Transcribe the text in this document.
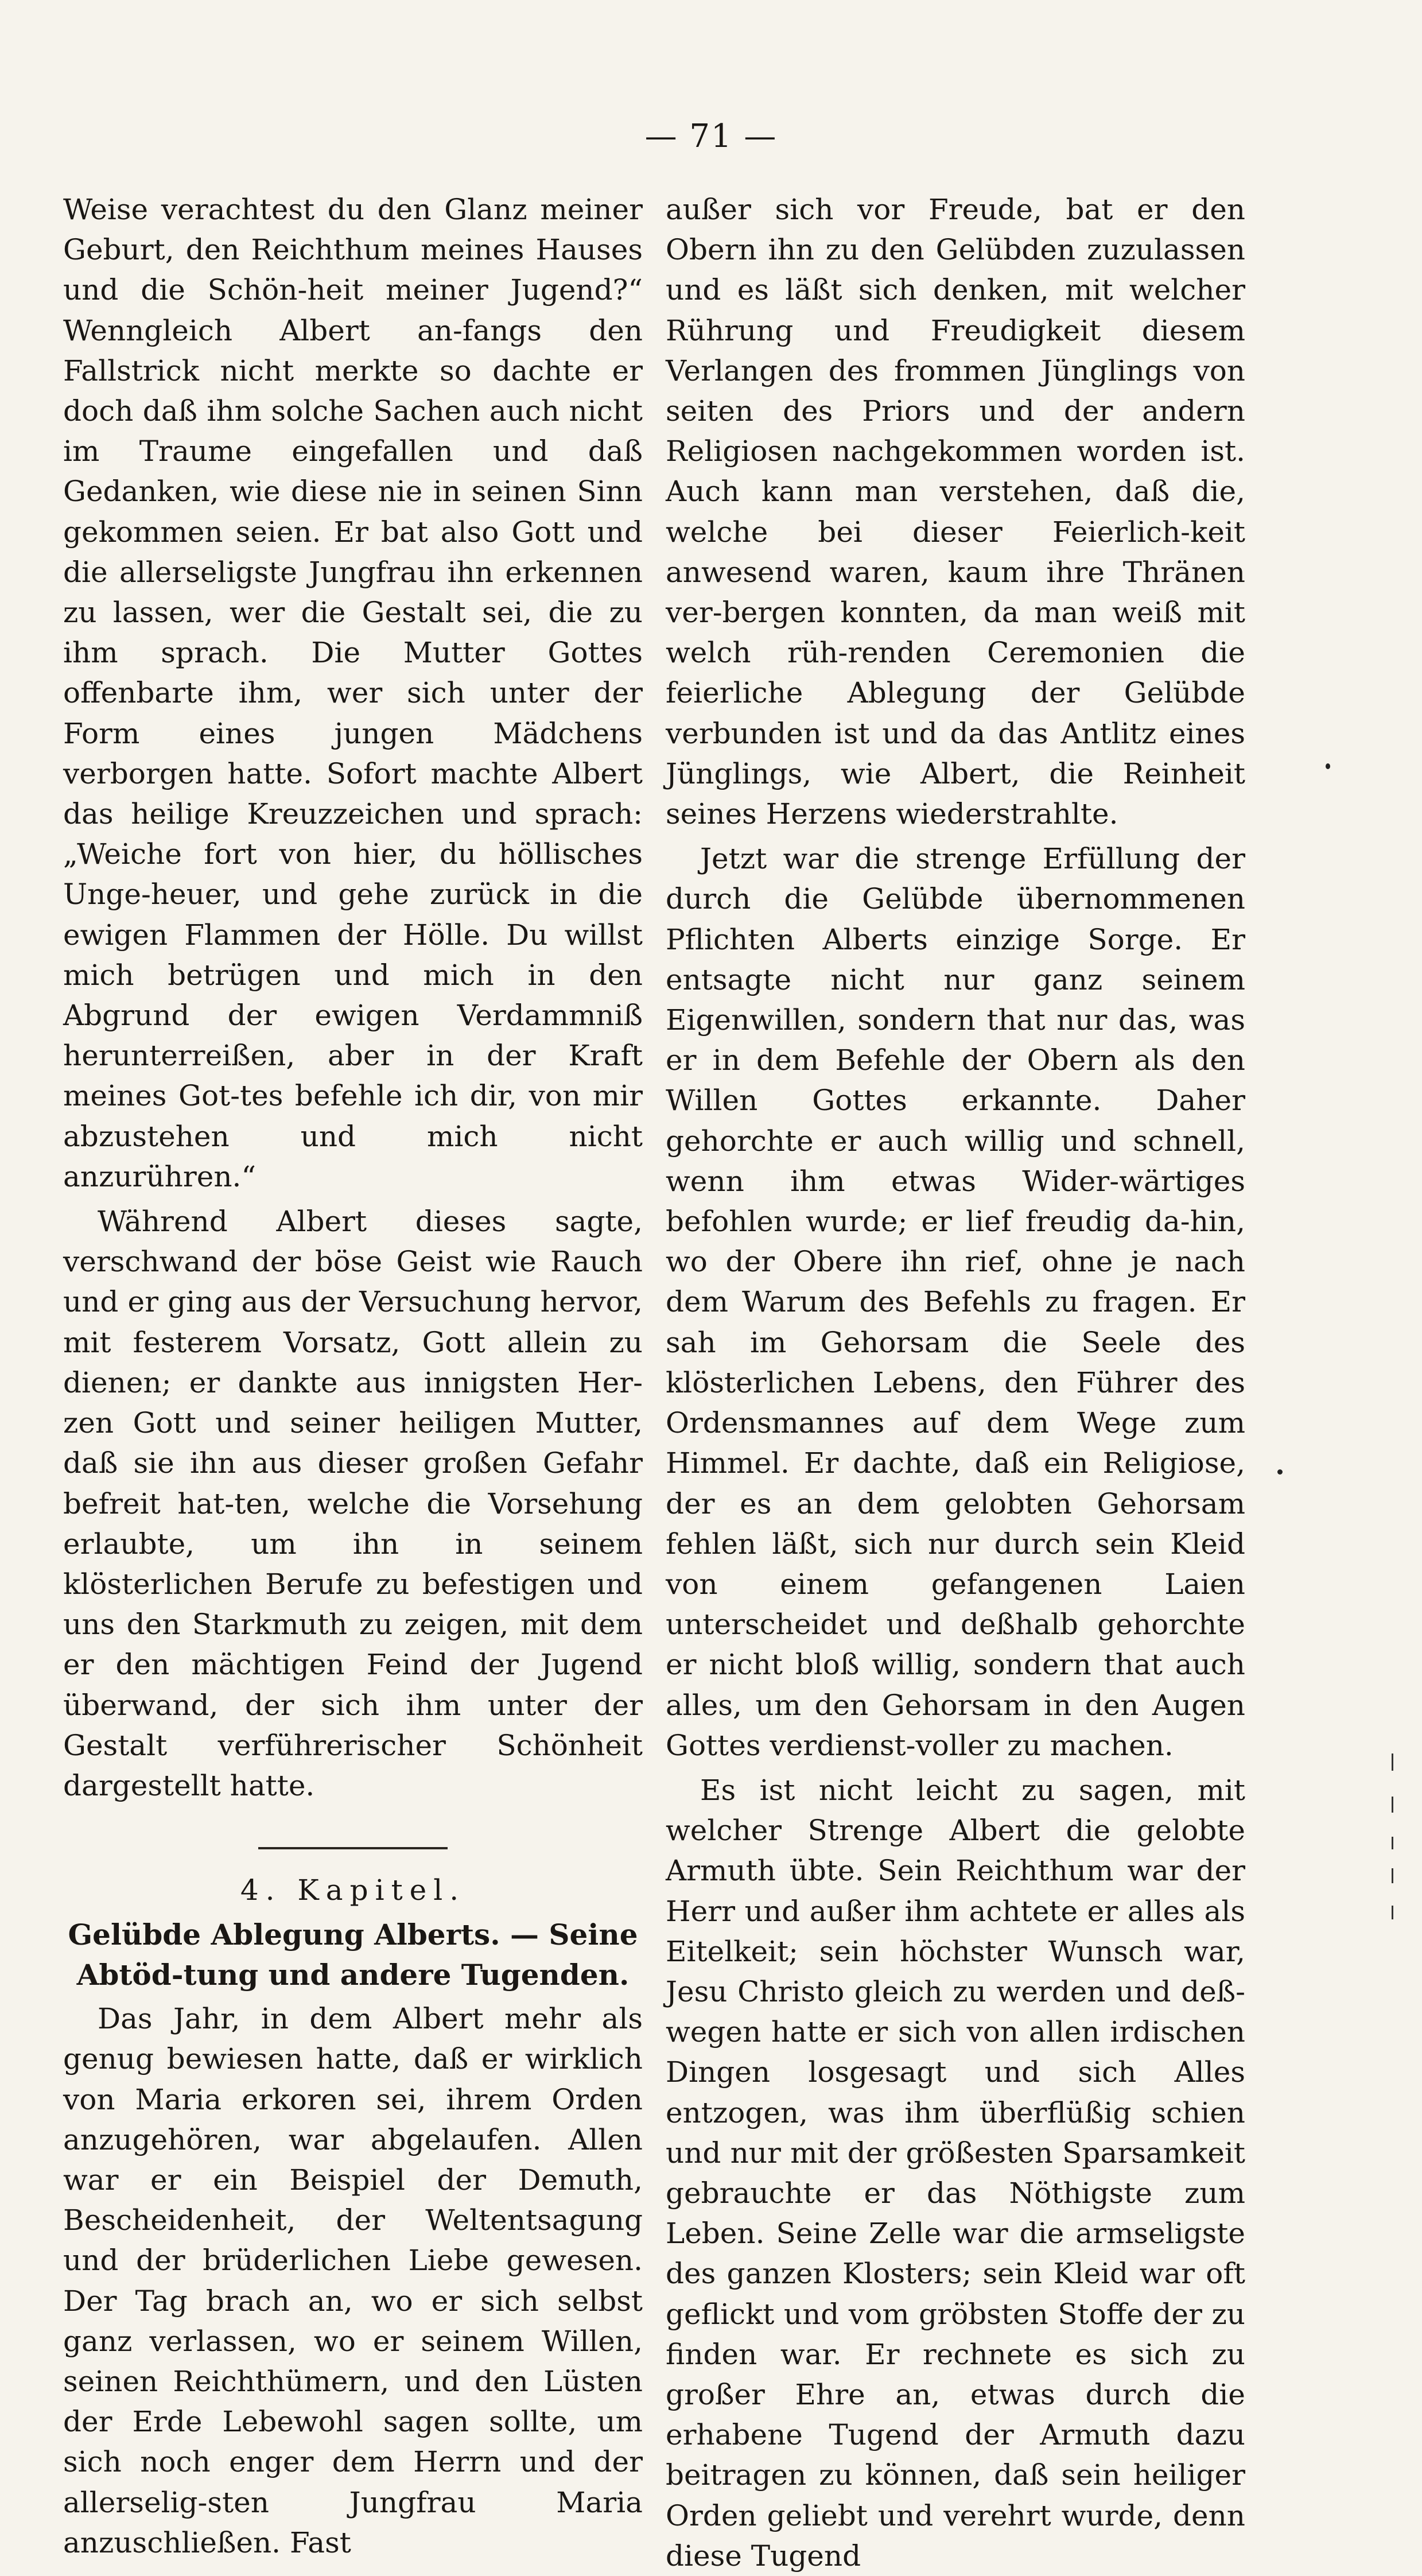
— 71 —

Weise verachtest du den Glanz meiner Geburt, den Reichthum meines Hauses und die Schön-heit meiner Jugend?“ Wenngleich Albert an-fangs den Fallstrick nicht merkte so dachte er doch daß ihm solche Sachen auch nicht im Traume eingefallen und daß Gedanken, wie diese nie in seinen Sinn gekommen seien. Er bat also Gott und die allerseligste Jungfrau ihn erkennen zu lassen, wer die Gestalt sei, die zu ihm sprach. Die Mutter Gottes offenbarte ihm, wer sich unter der Form eines jungen Mädchens verborgen hatte. Sofort machte Albert das heilige Kreuzzeichen und sprach: „Weiche fort von hier, du höllisches Unge-heuer, und gehe zurück in die ewigen Flammen der Hölle. Du willst mich betrügen und mich in den Abgrund der ewigen Verdammniß herunterreißen, aber in der Kraft meines Got-tes befehle ich dir, von mir abzustehen und mich nicht anzurühren.“

Während Albert dieses sagte, verschwand der böse Geist wie Rauch und er ging aus der Versuchung hervor, mit festerem Vorsatz, Gott allein zu dienen; er dankte aus innigsten Her-zen Gott und seiner heiligen Mutter, daß sie ihn aus dieser großen Gefahr befreit hat-ten, welche die Vorsehung erlaubte, um ihn in seinem klösterlichen Berufe zu befestigen und uns den Starkmuth zu zeigen, mit dem er den mächtigen Feind der Jugend überwand, der sich ihm unter der Gestalt verführerischer Schönheit dargestellt hatte.

4. Kapitel.

Gelübde Ablegung Alberts. — Seine Abtöd-tung und andere Tugenden.

Das Jahr, in dem Albert mehr als genug bewiesen hatte, daß er wirklich von Maria erkoren sei, ihrem Orden anzugehören, war abgelaufen. Allen war er ein Beispiel der Demuth, Bescheidenheit, der Weltentsagung und der brüderlichen Liebe gewesen. Der Tag brach an, wo er sich selbst ganz verlassen, wo er seinem Willen, seinen Reichthümern, und den Lüsten der Erde Lebewohl sagen sollte, um sich noch enger dem Herrn und der allerselig-sten Jungfrau Maria anzuschließen. Fast

außer sich vor Freude, bat er den Obern ihn zu den Gelübden zuzulassen und es läßt sich denken, mit welcher Rührung und Freudigkeit diesem Verlangen des frommen Jünglings von seiten des Priors und der andern Religiosen nachgekommen worden ist. Auch kann man verstehen, daß die, welche bei dieser Feierlich-keit anwesend waren, kaum ihre Thränen ver-bergen konnten, da man weiß mit welch rüh-renden Ceremonien die feierliche Ablegung der Gelübde verbunden ist und da das Antlitz eines Jünglings, wie Albert, die Reinheit seines Herzens wiederstrahlte.

Jetzt war die strenge Erfüllung der durch die Gelübde übernommenen Pflichten Alberts einzige Sorge. Er entsagte nicht nur ganz seinem Eigenwillen, sondern that nur das, was er in dem Befehle der Obern als den Willen Gottes erkannte. Daher gehorchte er auch willig und schnell, wenn ihm etwas Wider-wärtiges befohlen wurde; er lief freudig da-hin, wo der Obere ihn rief, ohne je nach dem Warum des Befehls zu fragen. Er sah im Gehorsam die Seele des klösterlichen Lebens, den Führer des Ordensmannes auf dem Wege zum Himmel. Er dachte, daß ein Religiose, der es an dem gelobten Gehorsam fehlen läßt, sich nur durch sein Kleid von einem gefangenen Laien unterscheidet und deßhalb gehorchte er nicht bloß willig, sondern that auch alles, um den Gehorsam in den Augen Gottes verdienst-voller zu machen.

Es ist nicht leicht zu sagen, mit welcher Strenge Albert die gelobte Armuth übte. Sein Reichthum war der Herr und außer ihm achtete er alles als Eitelkeit; sein höchster Wunsch war, Jesu Christo gleich zu werden und deß-wegen hatte er sich von allen irdischen Dingen losgesagt und sich Alles entzogen, was ihm überflüßig schien und nur mit der größesten Sparsamkeit gebrauchte er das Nöthigste zum Leben. Seine Zelle war die armseligste des ganzen Klosters; sein Kleid war oft geflickt und vom gröbsten Stoffe der zu finden war. Er rechnete es sich zu großer Ehre an, etwas durch die erhabene Tugend der Armuth dazu beitragen zu können, daß sein heiliger Orden geliebt und verehrt wurde, denn diese Tugend
